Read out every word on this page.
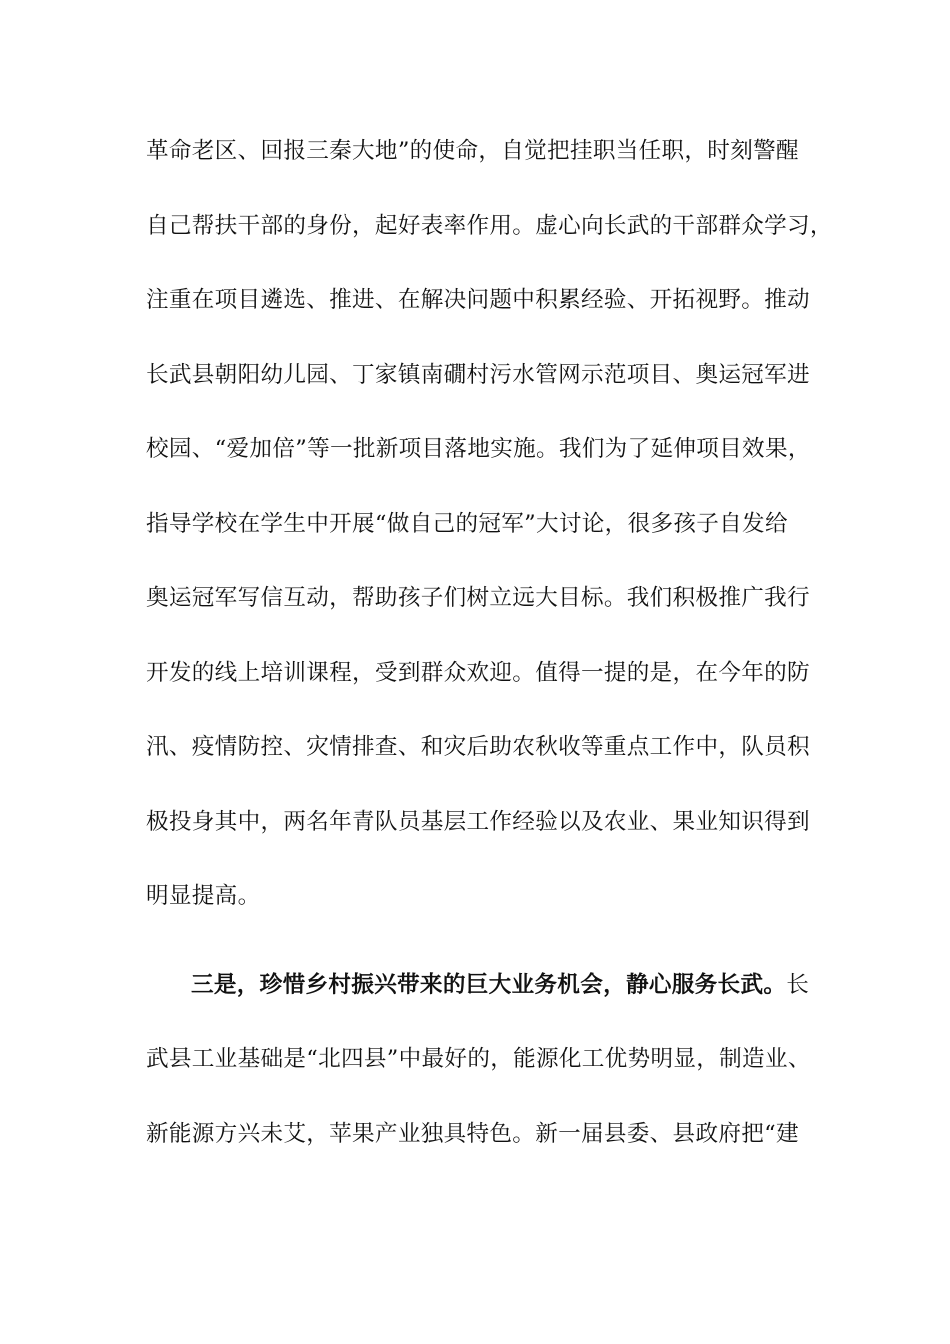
革命老区、回报三秦大地”的使命，自觉把挂职当任职，时刻警醒
自己帮扶干部的身份，起好表率作用。虚心向长武的干部群众学习，
注重在项目遴选、推进、在解决问题中积累经验、开拓视野。推动
长武县朝阳幼儿园、丁家镇南礀村污水管网示范项目、奥运冠军进
校园、“爱加倍”等一批新项目落地实施。我们为了延伸项目效果，
指导学校在学生中开展“做自己的冠军”大讨论，很多孩子自发给
奥运冠军写信互动，帮助孩子们树立远大目标。我们积极推广我行
开发的线上培训课程，受到群众欢迎。值得一提的是，在今年的防
汛、疫情防控、灾情排查、和灾后助农秋收等重点工作中，队员积
极投身其中，两名年青队员基层工作经验以及农业、果业知识得到
明显提高。
三是，珍惜乡村振兴带来的巨大业务机会，静心服务长武。长
武县工业基础是“北四县”中最好的，能源化工优势明显，制造业、
新能源方兴未艾，苹果产业独具特色。新一届县委、县政府把“建
